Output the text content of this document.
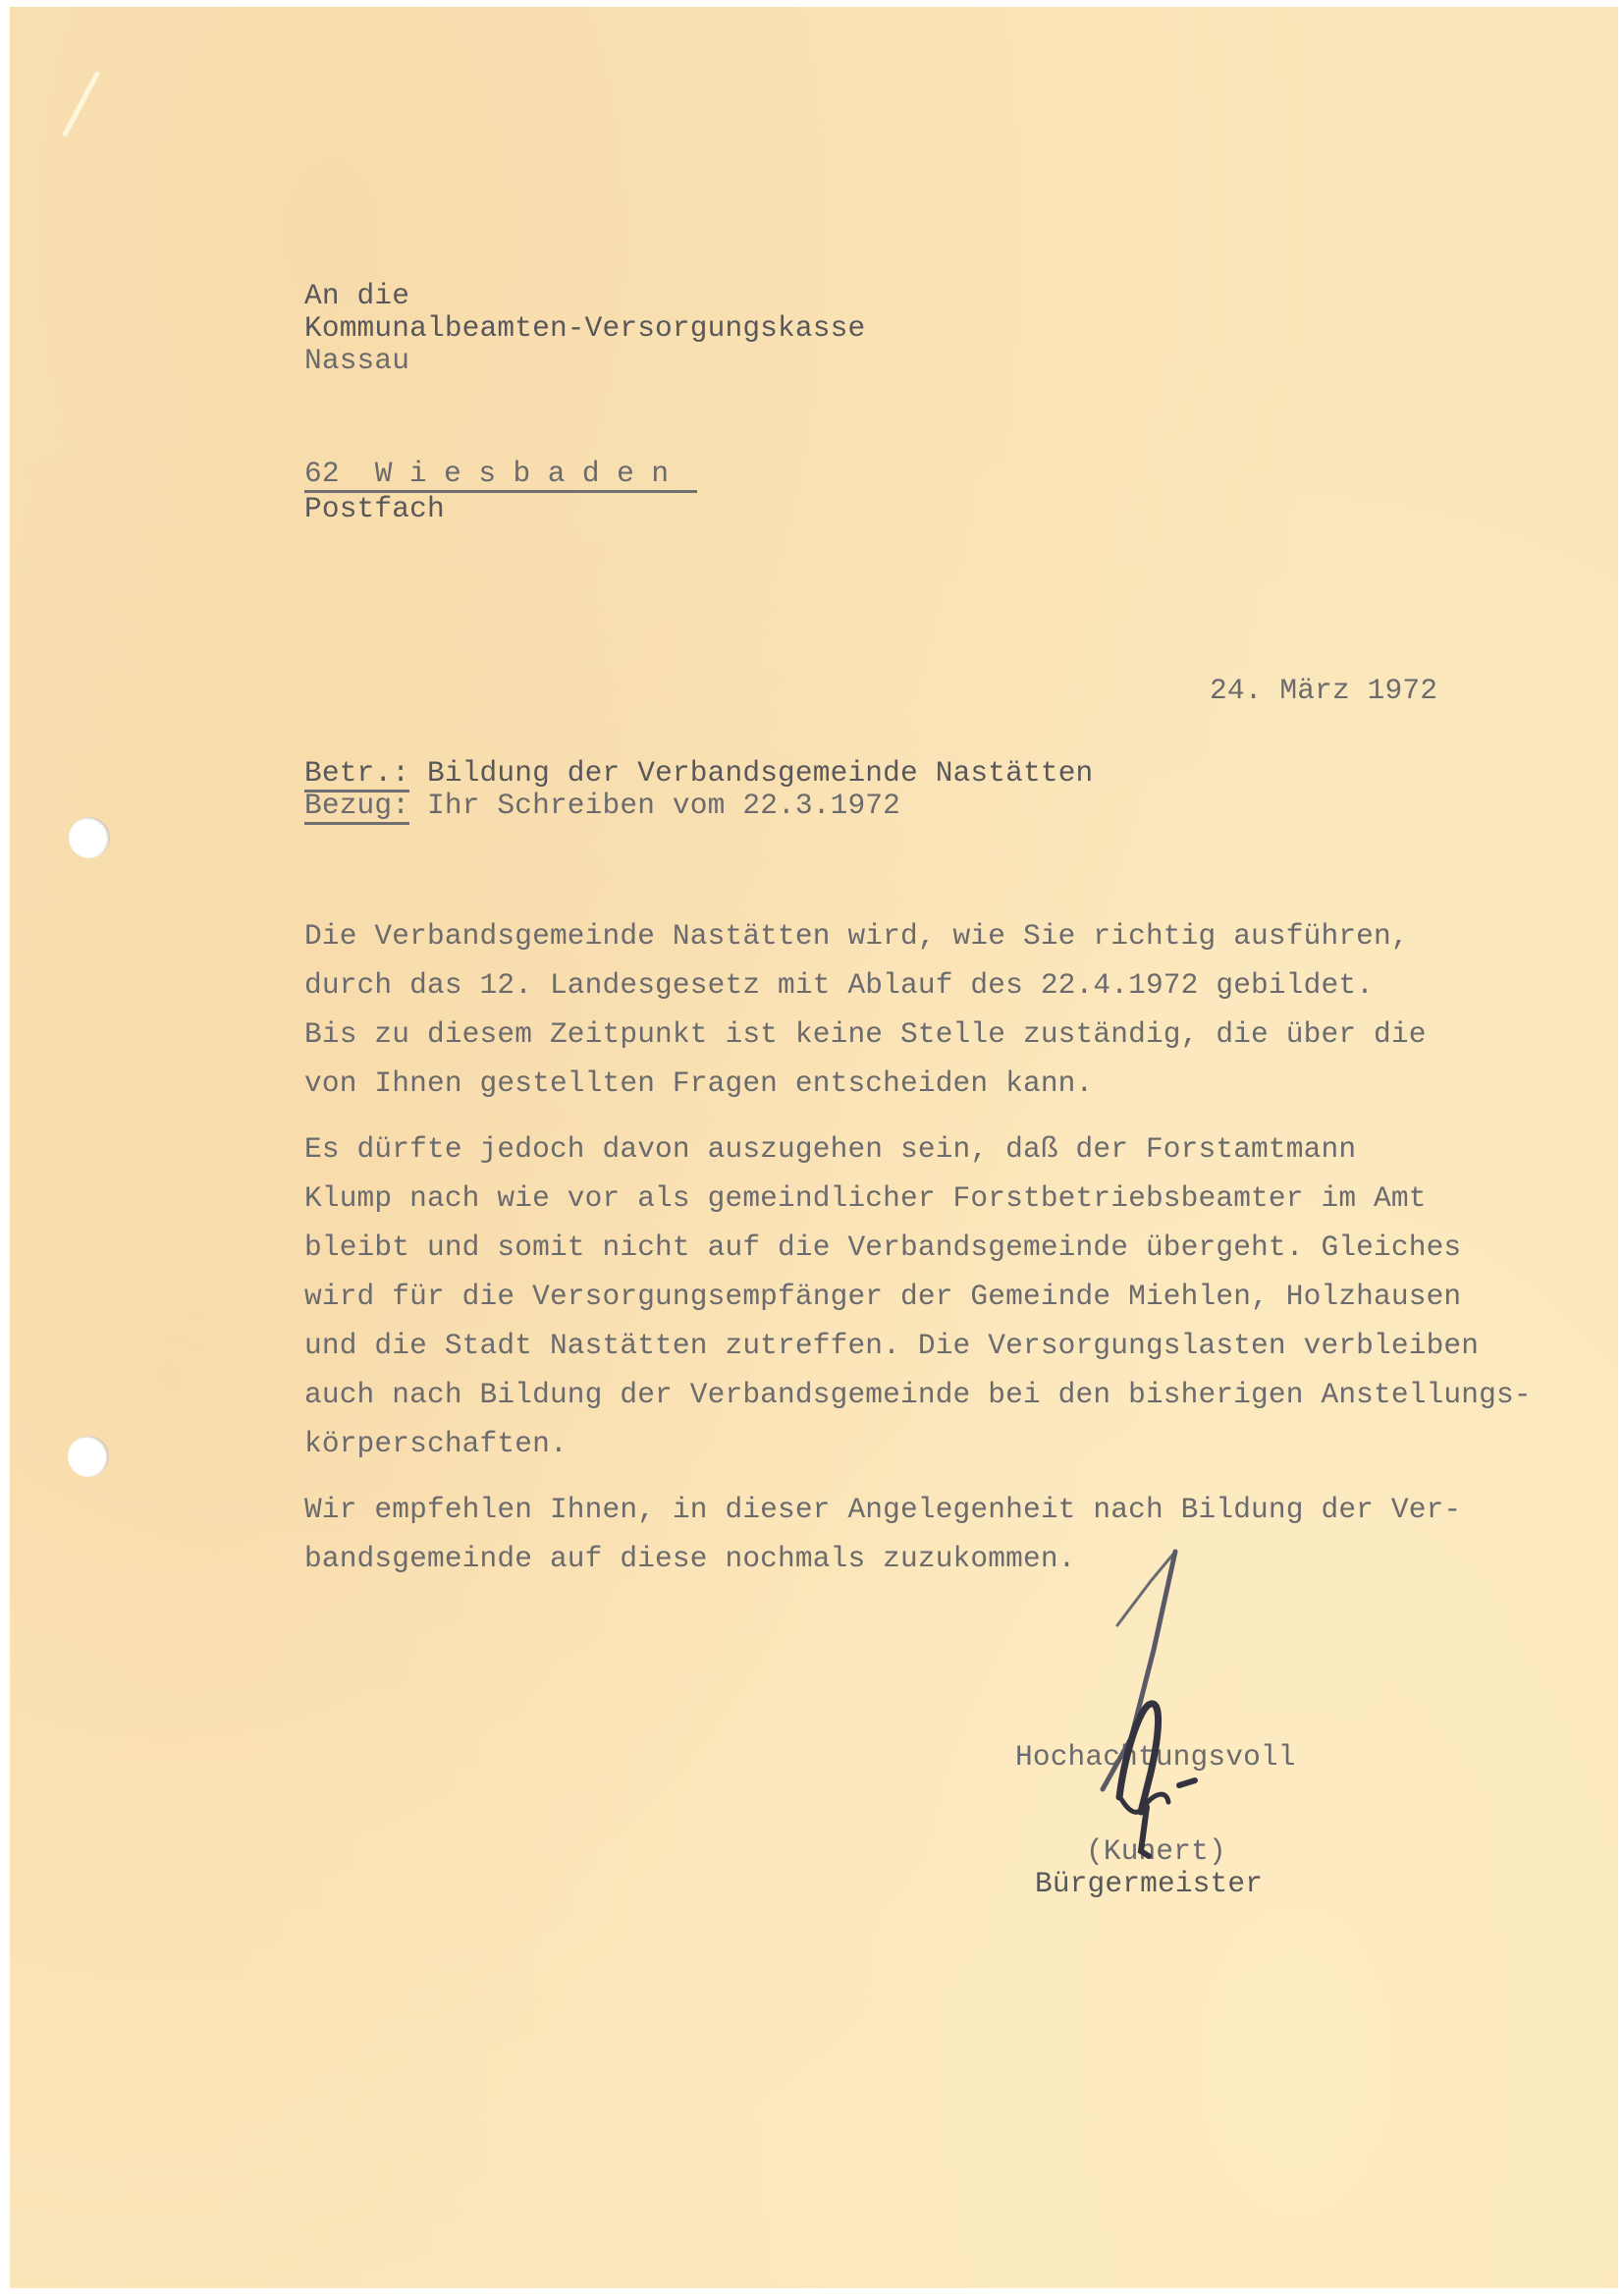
An die
Kommunalbeamten-Versorgungskasse
Nassau
62 Wiesbaden
Postfach
24. März 1972
Betr.: Bildung der Verbandsgemeinde Nastätten
Bezug: Ihr Schreiben vom 22.3.1972
Die Verbandsgemeinde Nastätten wird, wie Sie richtig ausführen,
durch das 12. Landesgesetz mit Ablauf des 22.4.1972 gebildet.
Bis zu diesem Zeitpunkt ist keine Stelle zuständig, die über die
von Ihnen gestellten Fragen entscheiden kann.
Es dürfte jedoch davon auszugehen sein, daß der Forstamtmann
Klump nach wie vor als gemeindlicher Forstbetriebsbeamter im Amt
bleibt und somit nicht auf die Verbandsgemeinde übergeht. Gleiches
wird für die Versorgungsempfänger der Gemeinde Miehlen, Holzhausen
und die Stadt Nastätten zutreffen. Die Versorgungslasten verbleiben
auch nach Bildung der Verbandsgemeinde bei den bisherigen Anstellungs-
körperschaften.
Wir empfehlen Ihnen, in dieser Angelegenheit nach Bildung der Ver-
bandsgemeinde auf diese nochmals zuzukommen.
Hochachtungsvoll
(Kunert)
Bürgermeister
